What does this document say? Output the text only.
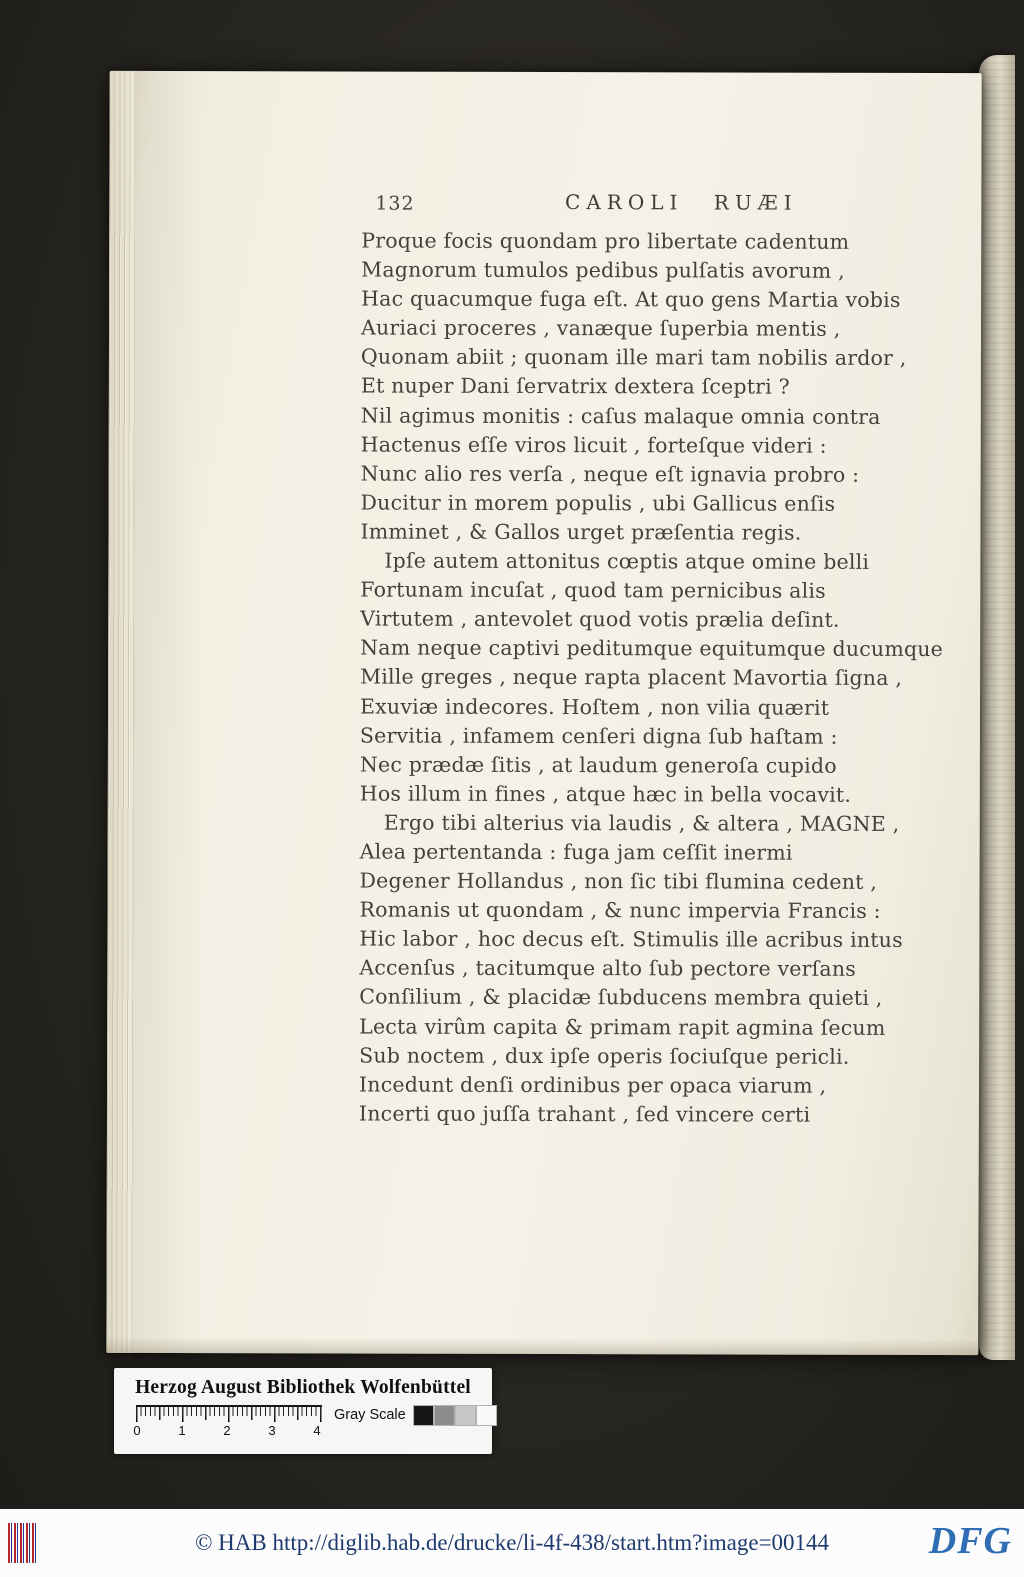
132	CAROLI RUÆI
Proque focis quondam pro libertate cadentum
Magnorum tumulos pedibus pulſatis avorum ,
Hac quacumque fuga eſt. At quo gens Martia vobis
Auriaci proceres , vanæque ſuperbia mentis ,
Quonam abiit ; quonam ille mari tam nobilis ardor ,
Et nuper Dani ſervatrix dextera ſceptri ?
Nil agimus monitis : caſus malaque omnia contra
Hactenus eſſe viros licuit , forteſque videri :
Nunc alio res verſa , neque eſt ignavia probro :
Ducitur in morem populis , ubi Gallicus enſis
Imminet , & Gallos urget præſentia regis.
Ipſe autem attonitus cœptis atque omine belli
Fortunam incuſat , quod tam pernicibus alis
Virtutem , antevolet quod votis prælia deſint.
Nam neque captivi peditumque equitumque ducumque
Mille greges , neque rapta placent Mavortia ſigna ,
Exuviæ indecores. Hoſtem , non vilia quærit
Servitia , infamem cenſeri digna ſub haſtam :
Nec prædæ ſitis , at laudum generoſa cupido
Hos illum in fines , atque hæc in bella vocavit.
Ergo tibi alterius via laudis , & altera , MAGNE ,
Alea pertentanda : fuga jam ceſſit inermi
Degener Hollandus , non ſic tibi flumina cedent ,
Romanis ut quondam , & nunc impervia Francis :
Hic labor , hoc decus eſt. Stimulis ille acribus intus
Accenſus , tacitumque alto ſub pectore verſans
Conſilium , & placidæ ſubducens membra quieti ,
Lecta virûm capita & primam rapit agmina ſecum
Sub noctem , dux ipſe operis ſociuſque pericli.
Incedunt denſi ordinibus per opaca viarum ,
Incerti quo juſſa trahant , ſed vincere certi
Herzog August Bibliothek Wolfenbüttel
0	1	2	3	4
Gray Scale
© HAB http://diglib.hab.de/drucke/li-4f-438/start.htm?image=00144	DFG
